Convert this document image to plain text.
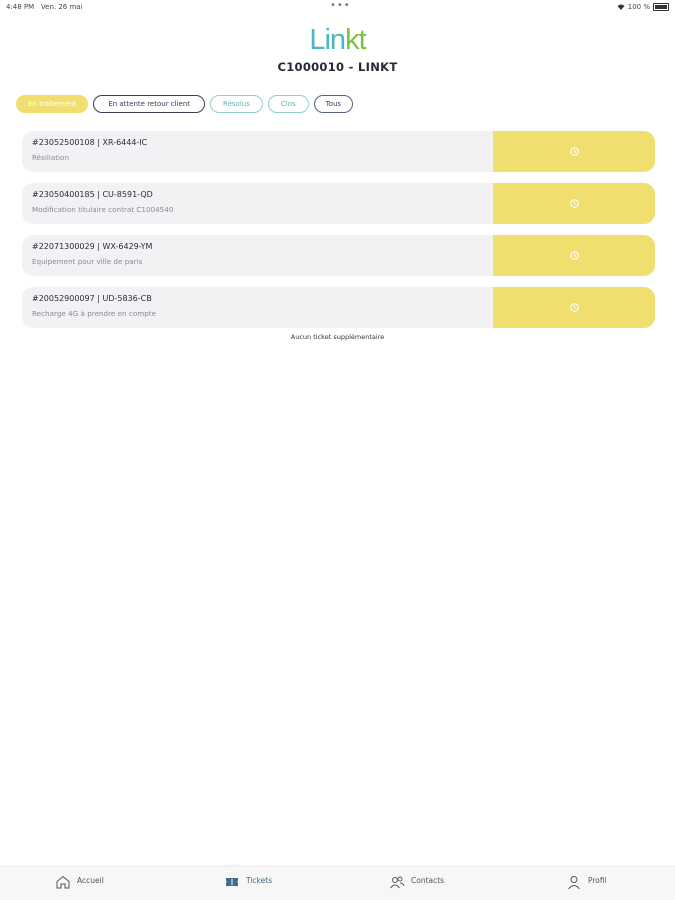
4:48 PM Ven. 26 mai	•••	100 %
Linkt
C1000010 - LINKT
En traitement	En attente retour client	Résolus	Clos	Tous
#23052500108 | XR-6444-IC
Résiliation
#23050400185 | CU-8591-QD
Modification titulaire contrat C1004540
#22071300029 | WX-6429-YM
Equipement pour ville de paris
#20052900097 | UD-5836-CB
Recharge 4G à prendre en compte
Aucun ticket supplémentaire
Accueil	Tickets	Contacts	Profil
